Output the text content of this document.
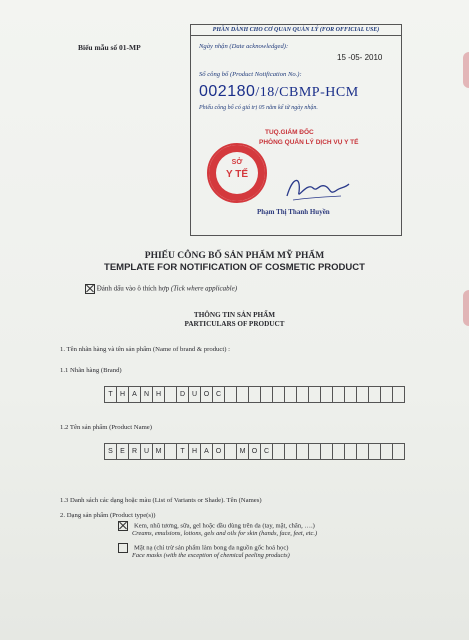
Biểu mẫu số 01-MP
PHẦN DÀNH CHO CƠ QUAN QUẢN LÝ (FOR OFFICIAL USE)
Ngày nhận (Date acknowledged):
15 -05- 2010
Số công bố (Product Notification No.):
002180/18/CBMP-HCM
Phiếu công bố có giá trị 05 năm kể từ ngày nhận.
TUQ.GIÁM ĐỐC
PHÒNG QUẢN LÝ DỊCH VỤ Y TẾ
SỞ
Y TẾ
Phạm Thị Thanh Huyền
PHIẾU CÔNG BỐ SẢN PHẨM MỸ PHẨM
TEMPLATE FOR NOTIFICATION OF COSMETIC PRODUCT
Đánh dấu vào ô thích hợp (Tick where applicable)
THÔNG TIN SẢN PHẨM
PARTICULARS OF PRODUCT
1. Tên nhãn hàng và tên sản phẩm (Name of brand & product) :
1.1 Nhãn hàng (Brand)
T	H	A	N H	D U O C
1.2 Tên sản phẩm (Product Name)
S	E	R U M	T	H	A O	M O C
1.3 Danh sách các dạng hoặc màu (List of Variants or Shade). Tên (Names)
2. Dạng sản phẩm (Product type(s))
Kem, nhũ tương, sữa, gel hoặc dầu dùng trên da (tay, mặt, chân, ….)
Creams, emulsions, lotions, gels and oils for skin (hands, face, feet, etc.)
Mặt nạ (chỉ trừ sản phẩm làm bong da nguồn gốc hoá học)
Face masks (with the exception of chemical peeling products)
